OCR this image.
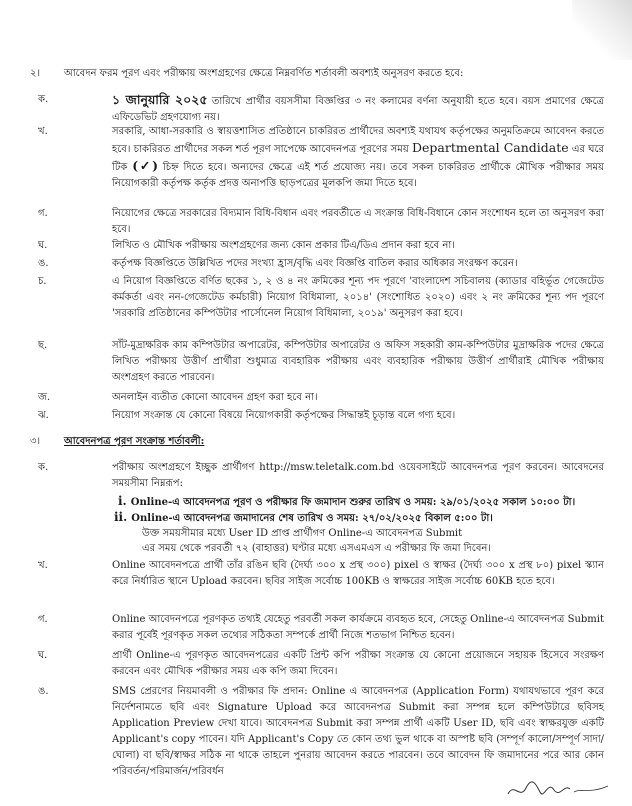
২। আবেদন ফরম পূরণ এবং পরীক্ষায় অংশগ্রহণের ক্ষেত্রে নিম্নবর্ণিত শর্তাবলী অবশ্যই অনুসরণ করতে হবে:
ক.	১ জানুয়ারি ২০২৫ তারিখে প্রার্থীর বয়সসীমা বিজ্ঞপ্তির ৩ নং কলামের বর্ণনা অনুযায়ী হতে হবে। বয়স প্রমাণের ক্ষেত্রে এফিডেভিট গ্রহণযোগ্য নয়।
খ.	সরকারি, আধা-সরকারি ও স্বায়ত্তশাসিত প্রতিষ্ঠানে চাকরিরত প্রার্থীদের অবশ্যই যথাযথ কর্তৃপক্ষের অনুমতিক্রমে আবেদন করতে হবে। চাকরিরত প্রার্থীদের সকল শর্ত পূরণ সাপেক্ষে আবেদনপত্র পূরণের সময় Departmental Candidate এর ঘরে টিক (✓) চিহ্ন দিতে হবে। অন্যদের ক্ষেত্রে এই শর্ত প্রযোজ্য নয়। তবে সকল চাকরিরত প্রার্থীকে মৌখিক পরীক্ষার সময় নিয়োগকারী কর্তৃপক্ষ কর্তৃক প্রদত্ত অনাপত্তি ছাড়পত্রের মূলকপি জমা দিতে হবে।
গ.	নিয়োগের ক্ষেত্রে সরকারের বিদ্যমান বিধি-বিধান এবং পরবর্তীতে এ সংক্রান্ত বিধি-বিধানে কোন সংশোধন হলে তা অনুসরণ করা হবে।
ঘ.	লিখিত ও মৌখিক পরীক্ষায় অংশগ্রহণের জন্য কোন প্রকার টিএ/ডিএ প্রদান করা হবে না।
ঙ.	কর্তৃপক্ষ বিজ্ঞপ্তিতে উল্লিখিত পদের সংখ্যা হ্রাস/বৃদ্ধি এবং বিজ্ঞপ্তি বাতিল করার অধিকার সংরক্ষণ করেন।
চ.	এ নিয়োগ বিজ্ঞপ্তিতে বর্ণিত ছকের ১, ২ ও ৪ নং ক্রমিকের শূন্য পদ পূরণে 'বাংলাদেশ সচিবালয় (ক্যাডার বহির্ভূত গেজেটেড কর্মকর্তা এবং নন-গেজেটেড কর্মচারী) নিয়োগ বিধিমালা, ২০১৪' (সংশোধিত ২০২০) এবং ২ নং ক্রমিকের শূন্য পদ পূরণে 'সরকারি প্রতিষ্ঠানের কম্পিউটার পার্সোনেল নিয়োগ বিধিমালা, ২০১৯' অনুসরণ করা হবে।
ছ.	সাঁট-মুদ্রাক্ষরিক কাম কম্পিউটার অপারেটর, কম্পিউটার অপারেটর ও অফিস সহকারী কাম-কম্পিউটার মুদ্রাক্ষরিক পদের ক্ষেত্রে লিখিত পরীক্ষায় উত্তীর্ণ প্রার্থীরা শুধুমাত্র ব্যবহারিক পরীক্ষায় এবং ব্যবহারিক পরীক্ষায় উত্তীর্ণ প্রার্থীরাই মৌখিক পরীক্ষায় অংশগ্রহণ করতে পারবেন।
জ.	অনলাইন ব্যতীত কোনো আবেদন গ্রহণ করা হবে না।
ঝ.	নিয়োগ সংক্রান্ত যে কোনো বিষয়ে নিয়োগকারী কর্তৃপক্ষের সিদ্ধান্তই চূড়ান্ত বলে গণ্য হবে।
৩। আবেদনপত্র পূরণ সংক্রান্ত শর্তাবলী:
ক.	পরীক্ষায় অংশগ্রহণে ইচ্ছুক প্রার্থীগণ http://msw.teletalk.com.bd ওয়েবসাইটে আবেদনপত্র পূরণ করবেন। আবেদনের সময়সীমা নিম্নরূপ:
i. Online-এ আবেদনপত্র পূরণ ও পরীক্ষার ফি জমাদান শুরুর তারিখ ও সময়: ২৯/০১/২০২৫ সকাল ১০:০০ টা।
ii. Online-এ আবেদনপত্র জমাদানের শেষ তারিখ ও সময়: ২৭/০২/২০২৫ বিকাল ৫:০০ টা।
উক্ত সময়সীমার মধ্যে User ID প্রাপ্ত প্রার্থীগণ Online-এ আবেদনপত্র Submit
এর সময় থেকে পরবর্তী ৭২ (বাহাত্তর) ঘণ্টার মধ্যে এসএমএস এ পরীক্ষার ফি জমা দিবেন।
খ.	Online আবেদনপত্রে প্রার্থী তাঁর রঙিন ছবি (দৈর্ঘ্য ৩০০ x প্রস্থ ৩০০) pixel ও স্বাক্ষর (দৈর্ঘ্য ৩০০ x প্রস্থ ৮০) pixel স্ক্যান করে নির্ধারিত স্থানে Upload করবেন। ছবির সাইজ সর্বোচ্চ 100KB ও স্বাক্ষরের সাইজ সর্বোচ্চ 60KB হতে হবে।
গ.	Online আবেদনপত্রে পূরণকৃত তথ্যই যেহেতু পরবর্তী সকল কার্যক্রমে ব্যবহৃত হবে, সেহেতু Online-এ আবেদনপত্র Submit করার পূর্বেই পূরণকৃত সকল তথ্যের সঠিকতা সম্পর্কে প্রার্থী নিজে শতভাগ নিশ্চিত হবেন।
ঘ.	প্রার্থী Online-এ পূরণকৃত আবেদনপত্রের একটি প্রিন্ট কপি পরীক্ষা সংক্রান্ত যে কোনো প্রয়োজনে সহায়ক হিসেবে সংরক্ষণ করবেন এবং মৌখিক পরীক্ষার সময় এক কপি জমা দিবেন।
ঙ.	SMS প্রেরণের নিয়মাবলী ও পরীক্ষার ফি প্রদান: Online এ আবেদনপত্র (Application Form) যথাযথভাবে পূরণ করে নির্দেশনামতে ছবি এবং Signature Upload করে আবেদনপত্র Submit করা সম্পন্ন হলে কম্পিউটারে ছবিসহ Application Preview দেখা যাবে। আবেদনপত্র Submit করা সম্পন্ন প্রার্থী একটি User ID, ছবি এবং স্বাক্ষরযুক্ত একটি Applicant's copy পাবেন। যদি Applicant's Copy তে কোন তথ্য ভুল থাকে বা অস্পষ্ট ছবি (সম্পূর্ণ কালো/সম্পূর্ণ সাদা/ঘোলা) বা ছবি/স্বাক্ষর সঠিক না থাকে তাহলে পুনরায় আবেদন করতে পারবেন। তবে আবেদন ফি জমাদানের পরে আর কোন পরিবর্তন/পরিমার্জন/পরিবর্ধন
